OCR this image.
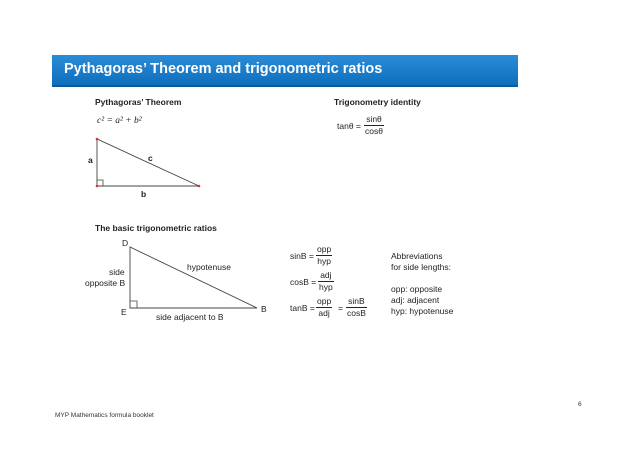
Pythagoras’ Theorem and trigonometric ratios
Pythagoras’ Theorem
c² = a² + b²
a	c
b
Trigonometry identity
$\tan\theta = \frac{\sin\theta}{\cos\theta}$
The basic trigonometric ratios
D
E	B
side
opposite B
hypotenuse
side adjacent to B
sinB =
opp
hyp
cosB =
adj
hyp
tanB =
opp
adj = $\frac{\sin B}{\cos B}$
Abbreviations
for side lengths:
opp: opposite
adj: adjacent
hyp: hypotenuse
6
MYP Mathematics formula booklet
